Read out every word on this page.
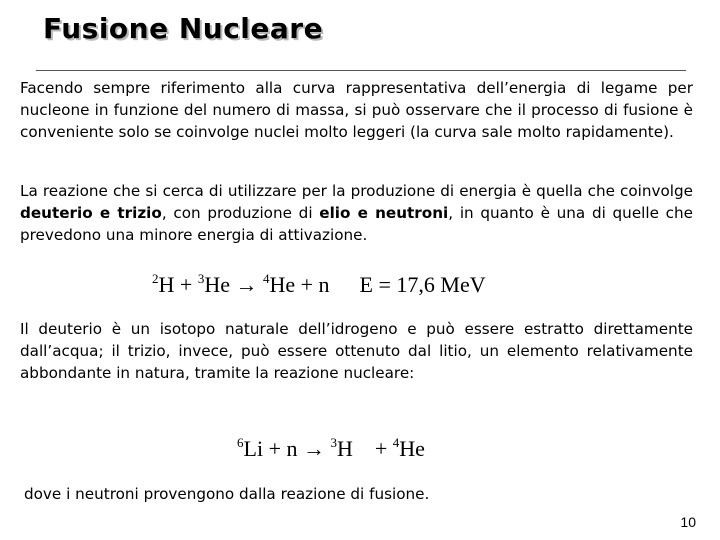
Fusione Nucleare

Facendo sempre riferimento alla curva rappresentativa dell’energia di legame per nucleone in funzione del numero di massa, si può osservare che il processo di fusione è conveniente solo se coinvolge nuclei molto leggeri (la curva sale molto rapidamente).

La reazione che si cerca di utilizzare per la produzione di energia è quella che coinvolge deuterio e trizio, con produzione di elio e neutroni, in quanto è una di quelle che prevedono una minore energia di attivazione.

$^2$H + $^3$He → $^4$He + n E = 17,6 MeV

Il deuterio è un isotopo naturale dell’idrogeno e può essere estratto direttamente dall’acqua; il trizio, invece, può essere ottenuto dal litio, un elemento relativamente abbondante in natura, tramite la reazione nucleare:

$^6$Li + n → $^3$H + $^4$He

dove i neutroni provengono dalla reazione di fusione.

10
